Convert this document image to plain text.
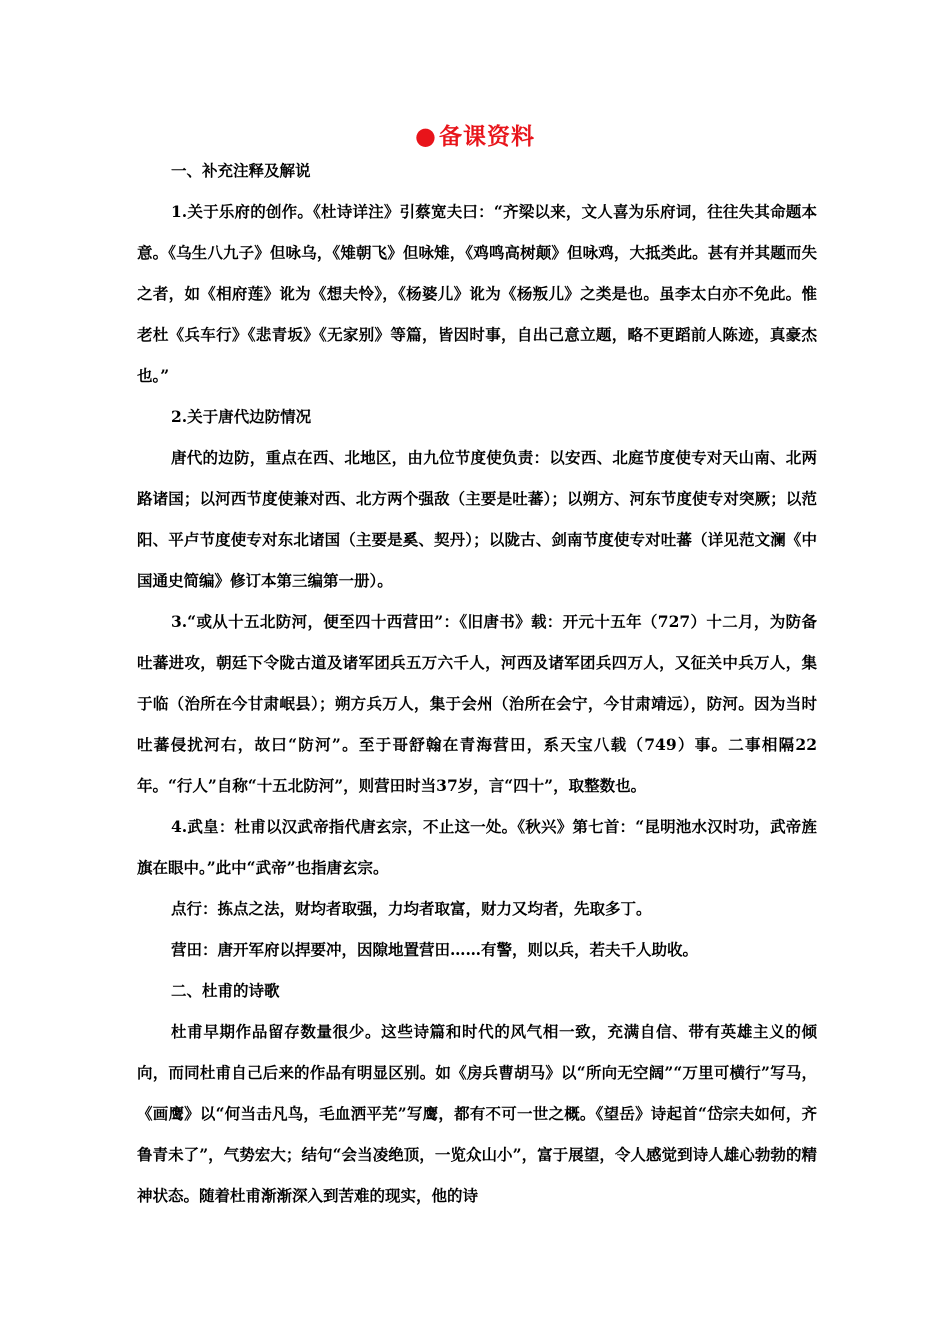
●备课资料

一、补充注释及解说

1.关于乐府的创作。《杜诗详注》引蔡宽夫曰：“齐梁以来，文人喜为乐府词，往往失其命题本意。《乌生八九子》但咏乌，《雉朝飞》但咏雉，《鸡鸣高树颠》但咏鸡，大抵类此。甚有并其题而失之者，如《相府莲》讹为《想夫怜》，《杨婆儿》讹为《杨叛儿》之类是也。虽李太白亦不免此。惟老杜《兵车行》《悲青坂》《无家别》等篇，皆因时事，自出己意立题，略不更蹈前人陈迹，真豪杰也。”

2.关于唐代边防情况

唐代的边防，重点在西、北地区，由九位节度使负责：以安西、北庭节度使专对天山南、北两路诸国；以河西节度使兼对西、北方两个强敌（主要是吐蕃）；以朔方、河东节度使专对突厥；以范阳、平卢节度使专对东北诸国（主要是奚、契丹）；以陇古、剑南节度使专对吐蕃（详见范文澜《中国通史简编》修订本第三编第一册）。

3.“或从十五北防河，便至四十西营田”：《旧唐书》载：开元十五年（727）十二月，为防备吐蕃进攻，朝廷下令陇古道及诸军团兵五万六千人，河西及诸军团兵四万人，又征关中兵万人，集于临（治所在今甘肃岷县）；朔方兵万人，集于会州（治所在会宁，今甘肃靖远），防河。因为当时吐蕃侵扰河右，故曰“防河”。至于哥舒翰在青海营田，系天宝八载（749）事。二事相隔22年。“行人”自称“十五北防河”，则营田时当37岁，言“四十”，取整数也。

4.武皇：杜甫以汉武帝指代唐玄宗，不止这一处。《秋兴》第七首：“昆明池水汉时功，武帝旌旗在眼中。”此中“武帝”也指唐玄宗。

点行：拣点之法，财均者取强，力均者取富，财力又均者，先取多丁。

营田：唐开军府以捍要冲，因隙地置营田……有警，则以兵，若夫千人助收。

二、杜甫的诗歌

杜甫早期作品留存数量很少。这些诗篇和时代的风气相一致，充满自信、带有英雄主义的倾向，而同杜甫自己后来的作品有明显区别。如《房兵曹胡马》以“所向无空阔”“万里可横行”写马，《画鹰》以“何当击凡鸟，毛血洒平芜”写鹰，都有不可一世之概。《望岳》诗起首“岱宗夫如何，齐鲁青未了”，气势宏大；结句“会当凌绝顶，一览众山小”，富于展望，令人感觉到诗人雄心勃勃的精神状态。随着杜甫渐渐深入到苦难的现实，他的诗
